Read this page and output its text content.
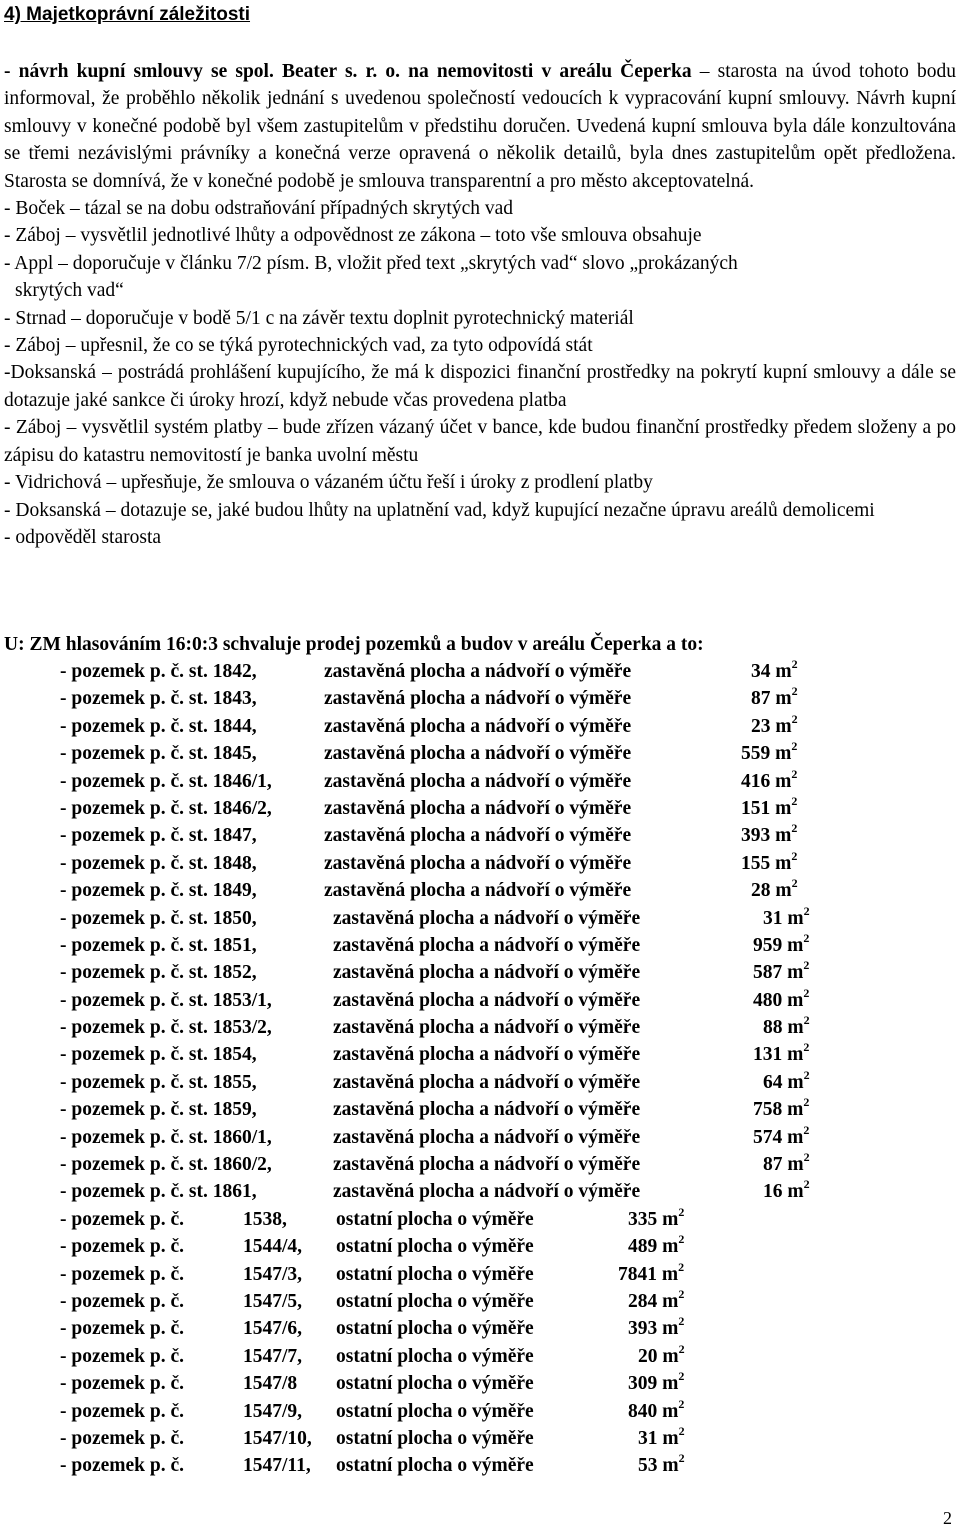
4) Majetkoprávní záležitosti

- návrh kupní smlouvy se spol. Beater s. r. o. na nemovitosti v areálu Čeperka – starosta na úvod tohoto bodu informoval, že proběhlo několik jednání s uvedenou společností vedoucích k vypracování kupní smlouvy. Návrh kupní smlouvy v konečné podobě byl všem zastupitelům v předstihu doručen. Uvedená kupní smlouva byla dále konzultována se třemi nezávislými právníky a konečná verze opravená o několik detailů, byla dnes zastupitelům opět předložena. Starosta se domnívá, že v konečné podobě je smlouva transparentní a pro město akceptovatelná.

- Boček – tázal se na dobu odstraňování případných skrytých vad

- Záboj – vysvětlil jednotlivé lhůty a odpovědnost ze zákona – toto vše smlouva obsahuje

- Appl – doporučuje v článku 7/2 písm. B, vložit před text „skrytých vad“ slovo „prokázaných

skrytých vad“

- Strnad – doporučuje v bodě 5/1 c na závěr textu doplnit pyrotechnický materiál

- Záboj – upřesnil, že co se týká pyrotechnických vad, za tyto odpovídá stát

-Doksanská – postrádá prohlášení kupujícího, že má k dispozici finanční prostředky na pokrytí kupní smlouvy a dále se dotazuje jaké sankce či úroky hrozí, když nebude včas provedena platba

- Záboj – vysvětlil systém platby – bude zřízen vázaný účet v bance, kde budou finanční prostředky předem složeny a po zápisu do katastru nemovitostí je banka uvolní městu

- Vidrichová – upřesňuje, že smlouva o vázaném účtu řeší i úroky z prodlení platby

- Doksanská – dotazuje se, jaké budou lhůty na uplatnění vad, když kupující nezačne úpravu areálů demolicemi

- odpověděl starosta

U: ZM hlasováním 16:0:3 schvaluje prodej pozemků a budov v areálu Čeperka a to:
- pozemek p. č. st. 1842,	zastavěná plocha a nádvoří o výměře	34 $m^2$
- pozemek p. č. st. 1843,	zastavěná plocha a nádvoří o výměře	87 $m^2$
- pozemek p. č. st. 1844,	zastavěná plocha a nádvoří o výměře	23 $m^2$
- pozemek p. č. st. 1845,	zastavěná plocha a nádvoří o výměře	559 $m^2$
- pozemek p. č. st. 1846/1,	zastavěná plocha a nádvoří o výměře	416 $m^2$
- pozemek p. č. st. 1846/2,	zastavěná plocha a nádvoří o výměře	151 $m^2$
- pozemek p. č. st. 1847,	zastavěná plocha a nádvoří o výměře	393 $m^2$
- pozemek p. č. st. 1848,	zastavěná plocha a nádvoří o výměře	155 $m^2$
- pozemek p. č. st. 1849,	zastavěná plocha a nádvoří o výměře	28 $m^2$
- pozemek p. č. st. 1850,	zastavěná plocha a nádvoří o výměře	31 $m^2$
- pozemek p. č. st. 1851,	zastavěná plocha a nádvoří o výměře	959 $m^2$
- pozemek p. č. st. 1852,	zastavěná plocha a nádvoří o výměře	587 $m^2$
- pozemek p. č. st. 1853/1,	zastavěná plocha a nádvoří o výměře	480 $m^2$
- pozemek p. č. st. 1853/2,	zastavěná plocha a nádvoří o výměře	88 $m^2$
- pozemek p. č. st. 1854,	zastavěná plocha a nádvoří o výměře	131 $m^2$
- pozemek p. č. st. 1855,	zastavěná plocha a nádvoří o výměře	64 $m^2$
- pozemek p. č. st. 1859,	zastavěná plocha a nádvoří o výměře	758 $m^2$
- pozemek p. č. st. 1860/1,	zastavěná plocha a nádvoří o výměře	574 $m^2$
- pozemek p. č. st. 1860/2,	zastavěná plocha a nádvoří o výměře	87 $m^2$
- pozemek p. č. st. 1861,	zastavěná plocha a nádvoří o výměře	16 $m^2$
- pozemek p. č.	1538,	ostatní plocha o výměře	335 $m^2$
- pozemek p. č.	1544/4, ostatní plocha o výměře	489 $m^2$
- pozemek p. č.	1547/3, ostatní plocha o výměře	7841 $m^2$
- pozemek p. č.	1547/5, ostatní plocha o výměře	284 $m^2$
- pozemek p. č.	1547/6, ostatní plocha o výměře	393 $m^2$
- pozemek p. č.	1547/7, ostatní plocha o výměře	20 $m^2$
- pozemek p. č.	1547/8 ostatní plocha o výměře	309 $m^2$
- pozemek p. č.	1547/9, ostatní plocha o výměře	840 $m^2$
- pozemek p. č.	1547/10, ostatní plocha o výměře	31 $m^2$
- pozemek p. č.	1547/11, ostatní plocha o výměře	53 $m^2$
2
